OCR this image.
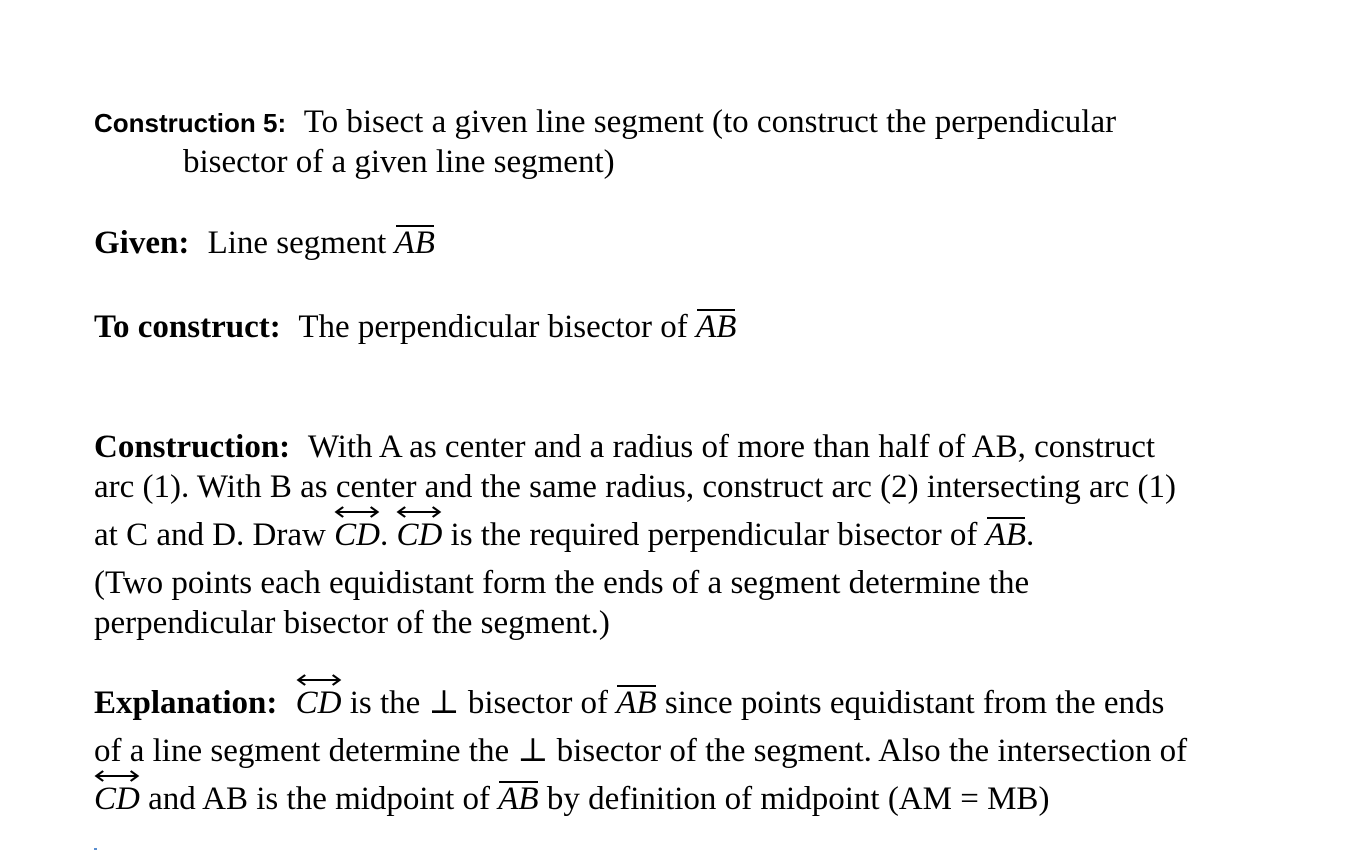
Construction 5: To bisect a given line segment (to construct the perpendicular
bisector of a given line segment)
Given: Line segment AB
To construct: The perpendicular bisector of AB
Construction: With A as center and a radius of more than half of AB, construct
arc (1). With B as center and the same radius, construct arc (2) intersecting arc (1)
at C and D. Draw
CD.
CD is the required perpendicular bisector of AB.
(Two points each equidistant form the ends of a segment determine the
perpendicular bisector of the segment.)
Explanation: CD is the ⊥ bisector of AB since points equidistant from the ends
of a line segment determine the ⊥ bisector of the segment. Also the intersection of
CD and AB is the midpoint of AB by definition of midpoint (AM = MB)
